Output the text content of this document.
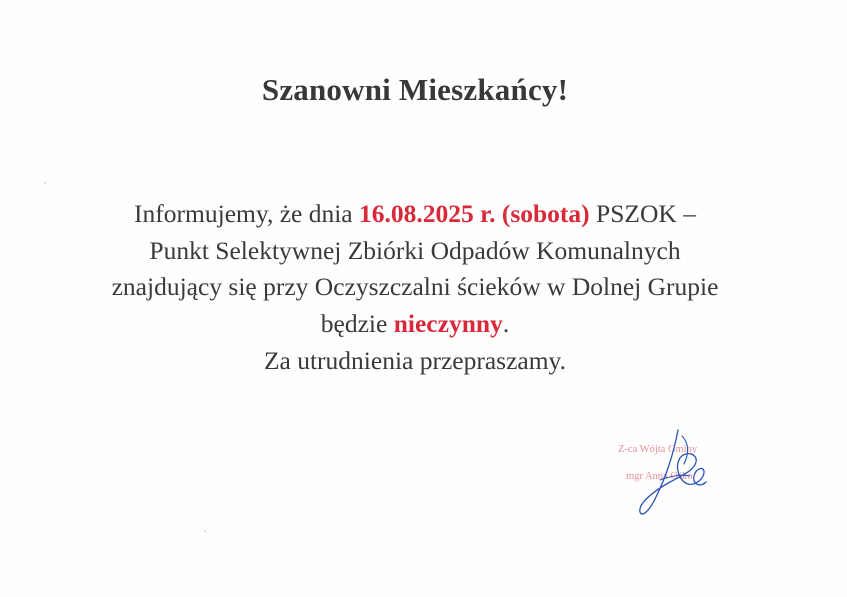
Szanowni Mieszkańcy!
Informujemy, że dnia 16.08.2025 r. (sobota) PSZOK –
Punkt Selektywnej Zbiórki Odpadów Komunalnych
znajdujący się przy Oczyszczalni ścieków w Dolnej Grupie
będzie nieczynny.
Za utrudnienia przepraszamy.
Z-ca Wójta Gminy
mgr Anna Ośko
